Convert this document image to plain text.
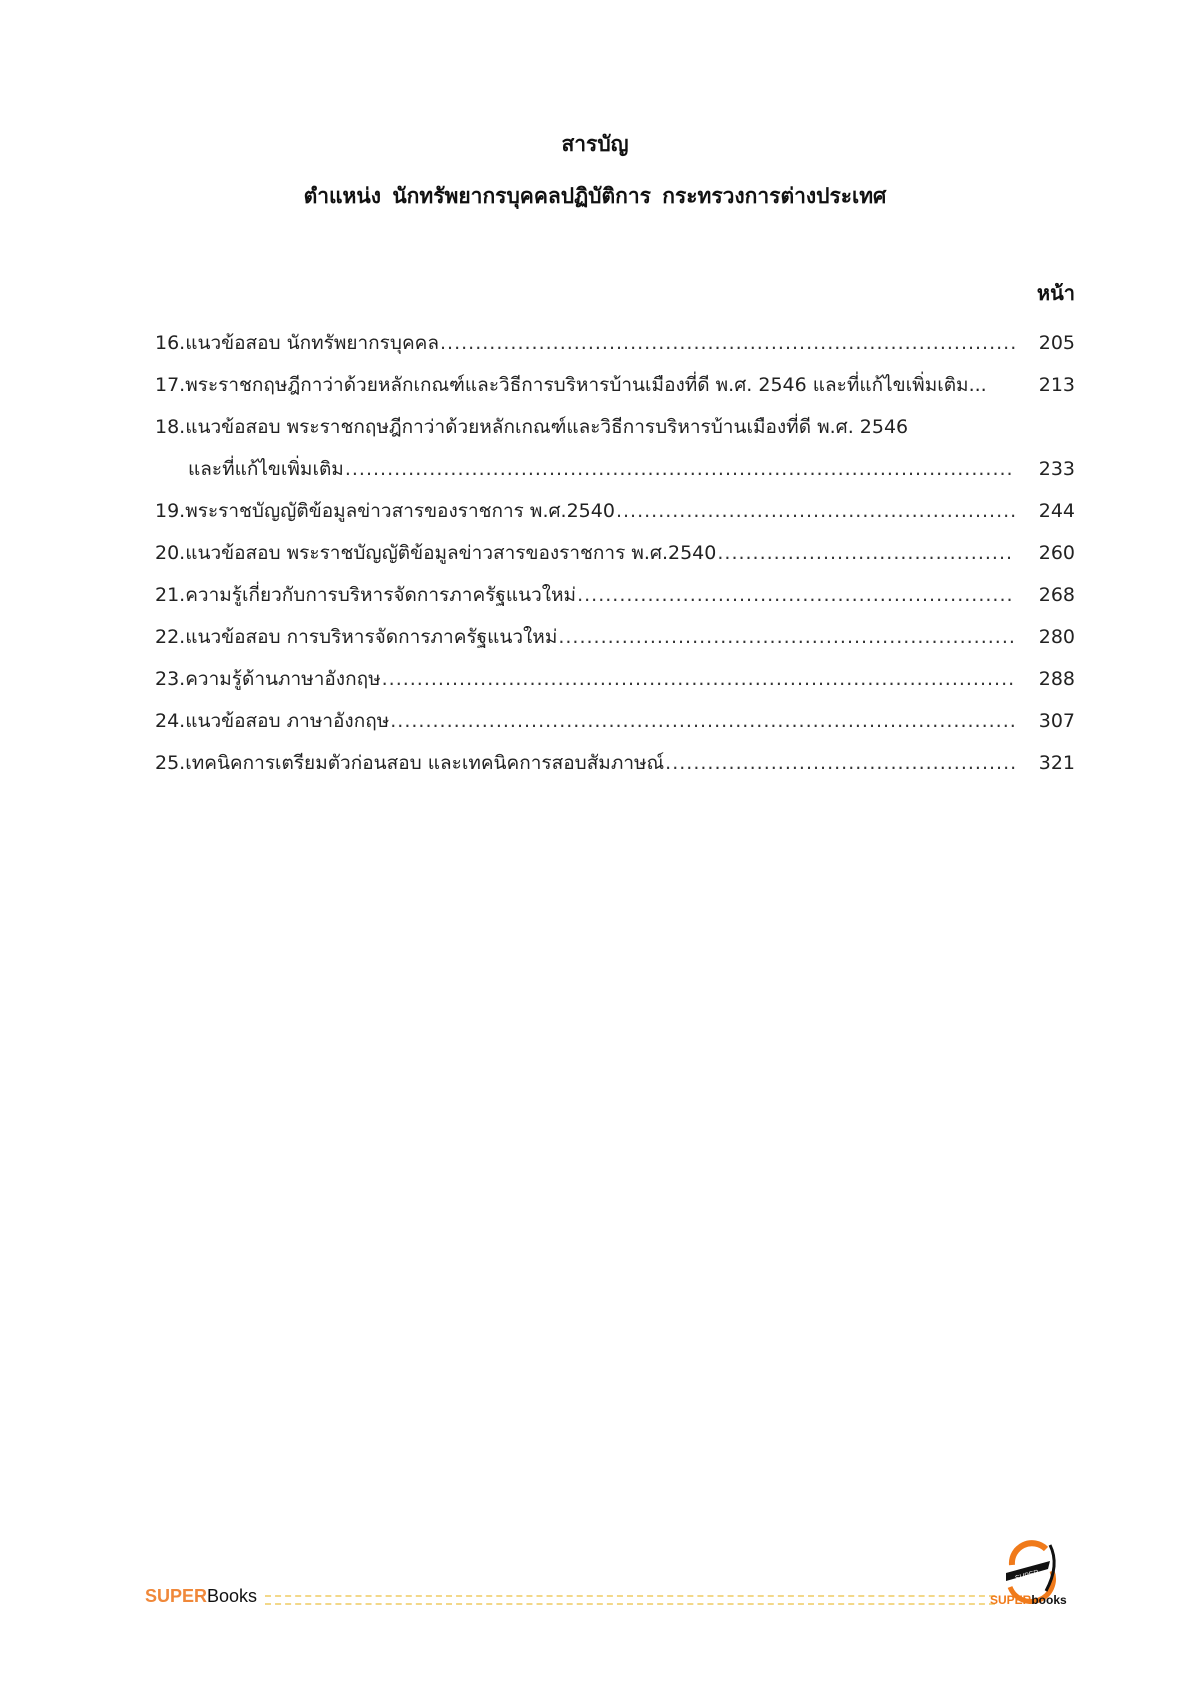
สารบัญ
ตำแหน่ง นักทรัพยากรบุคคลปฏิบัติการ กระทรวงการต่างประเทศ
หน้า
16. แนวข้อสอบ นักทรัพยากรบุคคล .....	205
17. พระราชกฤษฎีกาว่าด้วยหลักเกณฑ์และวิธีการบริหารบ้านเมืองที่ดี พ.ศ. 2546 และที่แก้ไขเพิ่มเติม...	213
18. แนวข้อสอบ พระราชกฤษฎีกาว่าด้วยหลักเกณฑ์และวิธีการบริหารบ้านเมืองที่ดี พ.ศ. 2546
และที่แก้ไขเพิ่มเติม .....	233
19. พระราชบัญญัติข้อมูลข่าวสารของราชการ พ.ศ.2540 .....	244
20. แนวข้อสอบ พระราชบัญญัติข้อมูลข่าวสารของราชการ พ.ศ.2540 .....	260
21. ความรู้เกี่ยวกับการบริหารจัดการภาครัฐแนวใหม่ .....	268
22. แนวข้อสอบ การบริหารจัดการภาครัฐแนวใหม่ .....	280
23. ความรู้ด้านภาษาอังกฤษ .....	288
24. แนวข้อสอบ ภาษาอังกฤษ .....	307
25. เทคนิคการเตรียมตัวก่อนสอบ และเทคนิคการสอบสัมภาษณ์ .....	321
SUPERBooks
SUPER
SUPERbooks
